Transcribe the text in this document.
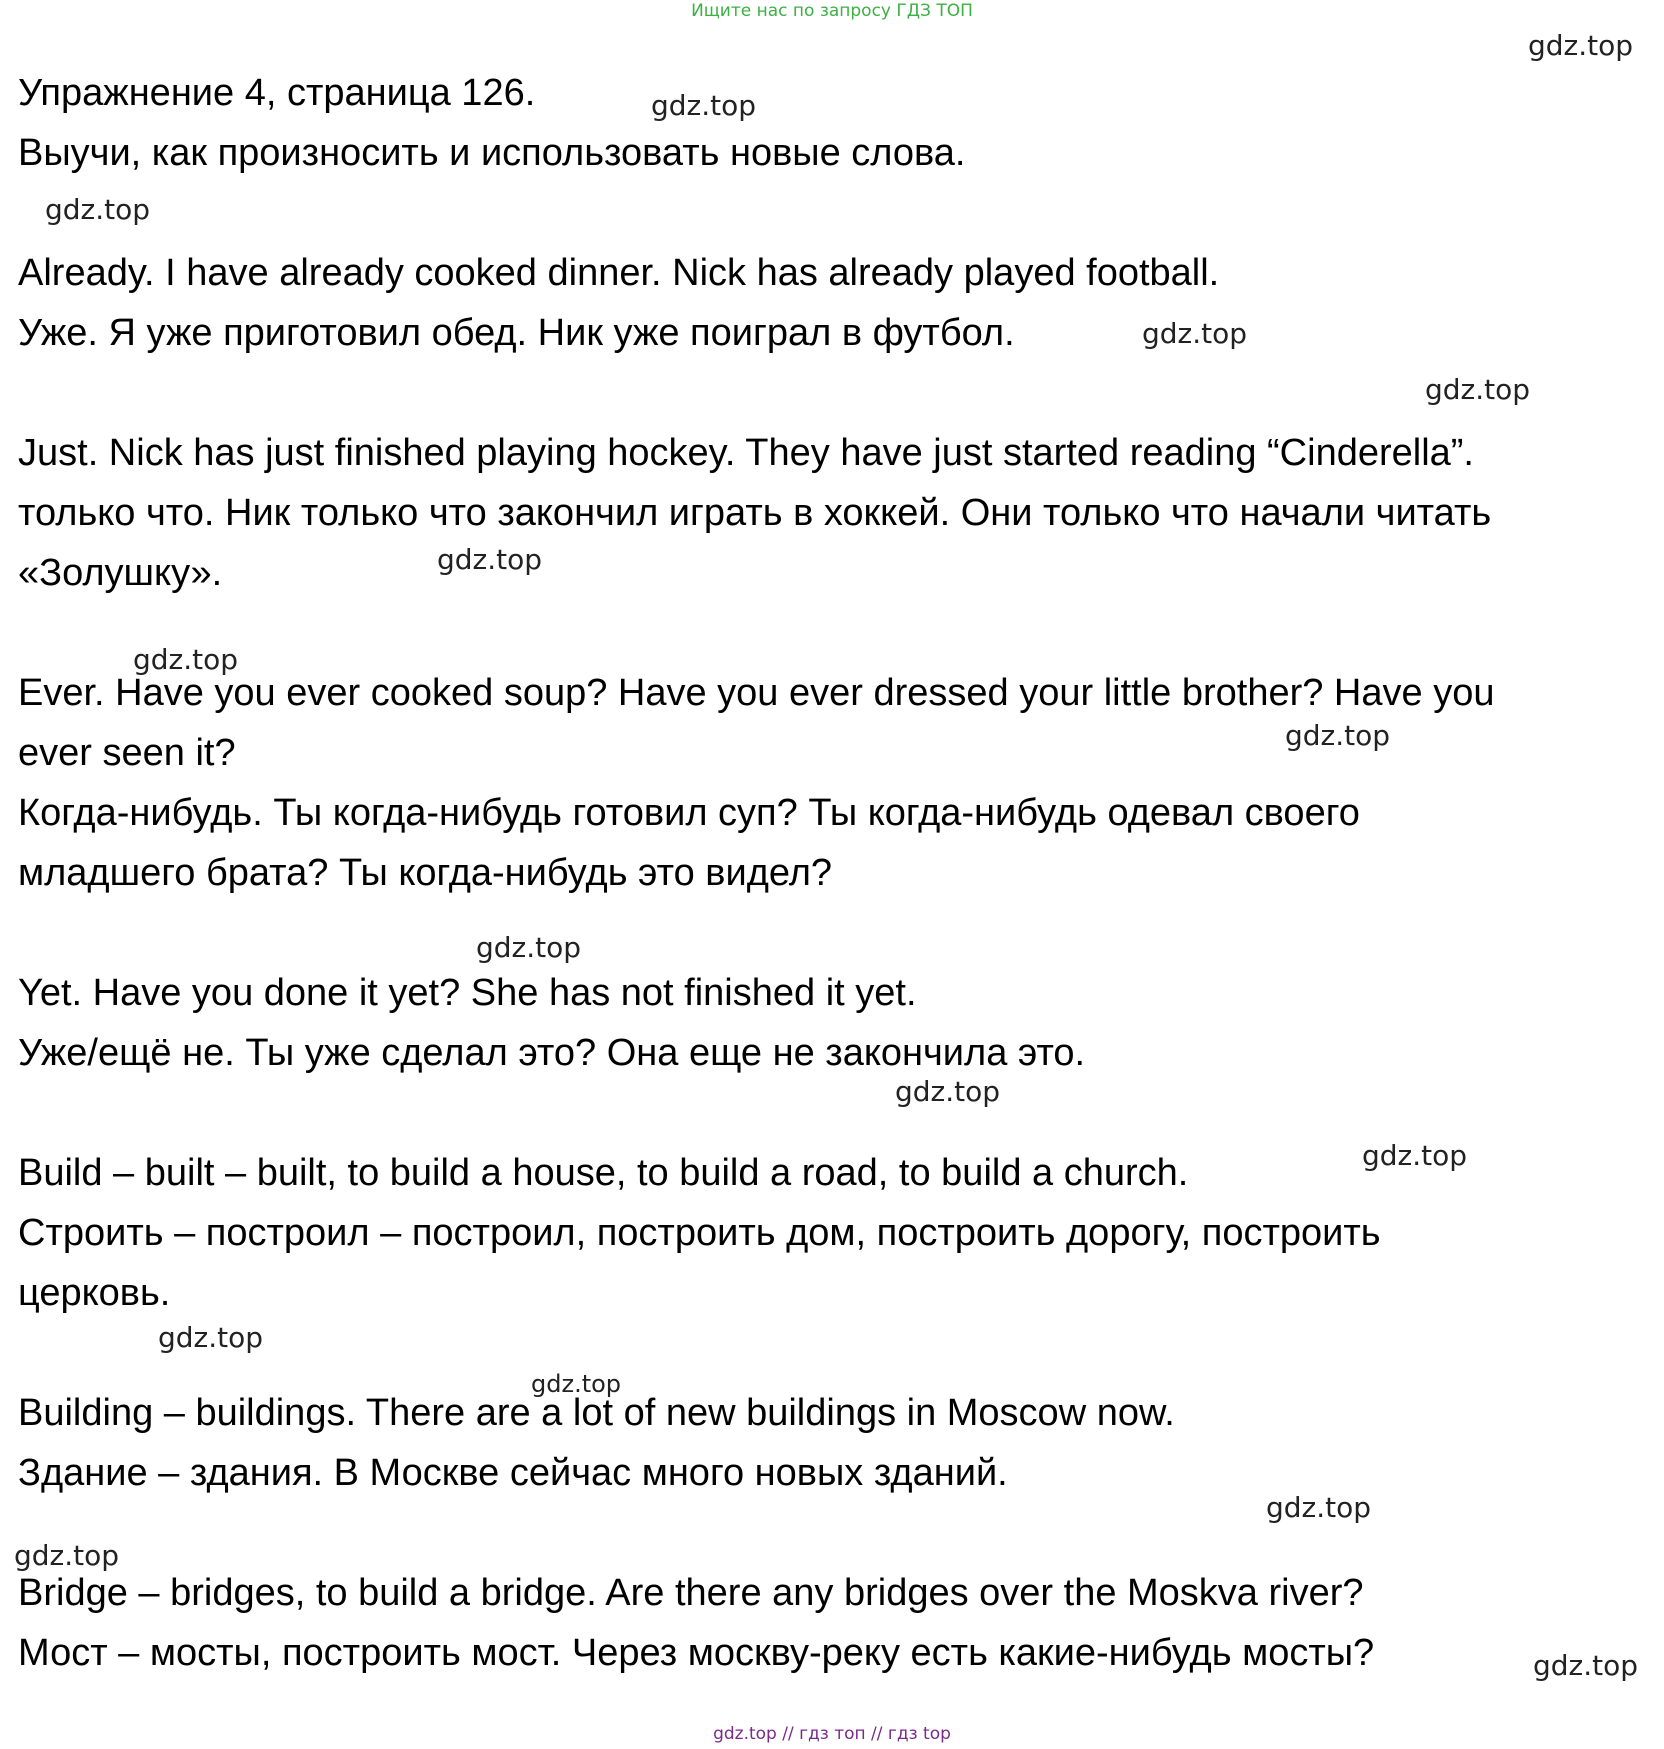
Ищите нас по запросу ГДЗ ТОП
Упражнение 4, страница 126.
Выучи, как произносить и использовать новые слова.
Already. I have already cooked dinner. Nick has already played football.
Уже. Я уже приготовил обед. Ник уже поиграл в футбол.
Just. Nick has just finished playing hockey. They have just started reading “Cinderella”.
только что. Ник только что закончил играть в хоккей. Они только что начали читать
«Золушку».
Ever. Have you ever cooked soup? Have you ever dressed your little brother? Have you
ever seen it?
Когда-нибудь. Ты когда-нибудь готовил суп? Ты когда-нибудь одевал своего
младшего брата? Ты когда-нибудь это видел?
Yet. Have you done it yet? She has not finished it yet.
Уже/ещё не. Ты уже сделал это? Она еще не закончила это.
Build – built – built, to build a house, to build a road, to build a church.
Строить – построил – построил, построить дом, построить дорогу, построить
церковь.
Building – buildings. There are a lot of new buildings in Moscow now.
Здание – здания. В Москве сейчас много новых зданий.
Bridge – bridges, to build a bridge. Are there any bridges over the Moskva river?
Мост – мосты, построить мост. Через москву-реку есть какие-нибудь мосты?
gdz.top
gdz.top
gdz.top
gdz.top
gdz.top
gdz.top
gdz.top
gdz.top
gdz.top
gdz.top
gdz.top
gdz.top
gdz.top
gdz.top
gdz.top
gdz.top
gdz.top // гдз топ // гдз top
